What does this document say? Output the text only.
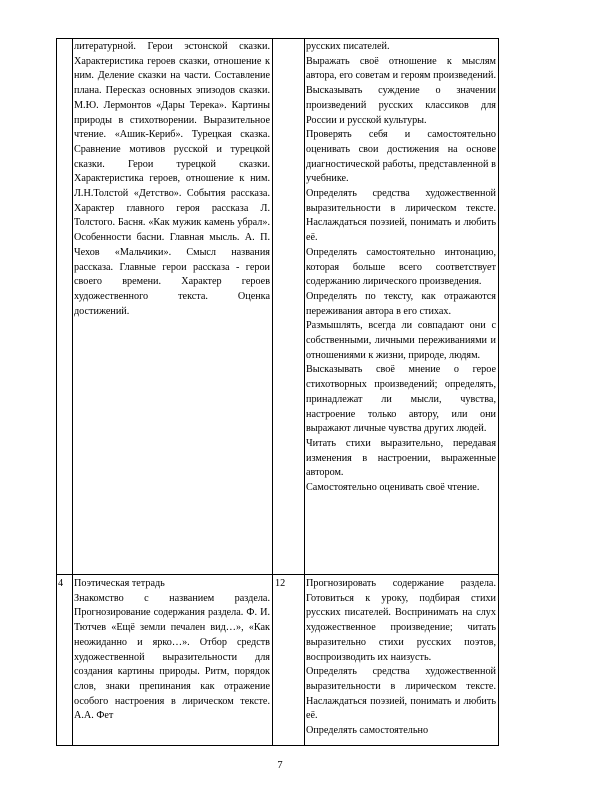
литературной. Герои эстонской сказки. Характеристика героев сказки, отношение к ним. Деление сказки на части. Составление плана. Пересказ основных эпизодов сказки. М.Ю. Лермонтов «Дары Терека». Картины природы в стихотворении. Выразительное чтение. «Ашик-Кериб». Турецкая сказка. Сравнение мотивов русской и турецкой сказки. Герои турецкой сказки. Характеристика героев, отношение к ним. Л.Н.Толстой «Детство». События рассказа. Характер главного героя рассказа Л. Толстого. Басня. «Как мужик камень убрал». Особенности басни. Главная мысль. А. П. Чехов «Мальчики». Смысл названия рассказа. Главные герои рассказа - герои своего времени. Характер героев художественного текста. Оценка достижений.

русских писателей.

Выражать своё отношение к мыслям автора, его советам и героям произведений. Высказывать суждение о значении произведений русских классиков для России и русской культуры.

Проверять себя и самостоятельно оценивать свои достижения на основе диагностической работы, представленной в учебнике.

Определять средства художественной выразительности в лирическом тексте. Наслаждаться поэзией, понимать и любить её.

Определять самостоятельно интонацию, которая больше всего соответствует содержанию лирического произведения.

Определять по тексту, как отражаются переживания автора в его стихах.

Размышлять, всегда ли совпадают они с собственными, личными переживаниями и отношениями к жизни, природе, людям.

Высказывать своё мнение о герое стихотворных произведений; определять, принадлежат ли мысли, чувства, настроение только автору, или они выражают личные чувства других людей.

Читать стихи выразительно, передавая изменения в настроении, выраженные автором.

Самостоятельно оценивать своё чтение.

4	12

Поэтическая тетрадь

Знакомство с названием раздела. Прогнозирование содержания раздела. Ф. И. Тютчев «Ещё земли печален вид…», «Как неожиданно и ярко…». Отбор средств художественной выразительности для создания картины природы. Ритм, порядок слов, знаки препинания как отражение особого настроения в лирическом тексте. А.А. Фет

Прогнозировать содержание раздела. Готовиться к уроку, подбирая стихи русских писателей. Воспринимать на слух художественное произведение; читать выразительно стихи русских поэтов, воспроизводить их наизусть.

Определять средства художественной выразительности в лирическом тексте. Наслаждаться поэзией, понимать и любить её.

Определять самостоятельно

7
